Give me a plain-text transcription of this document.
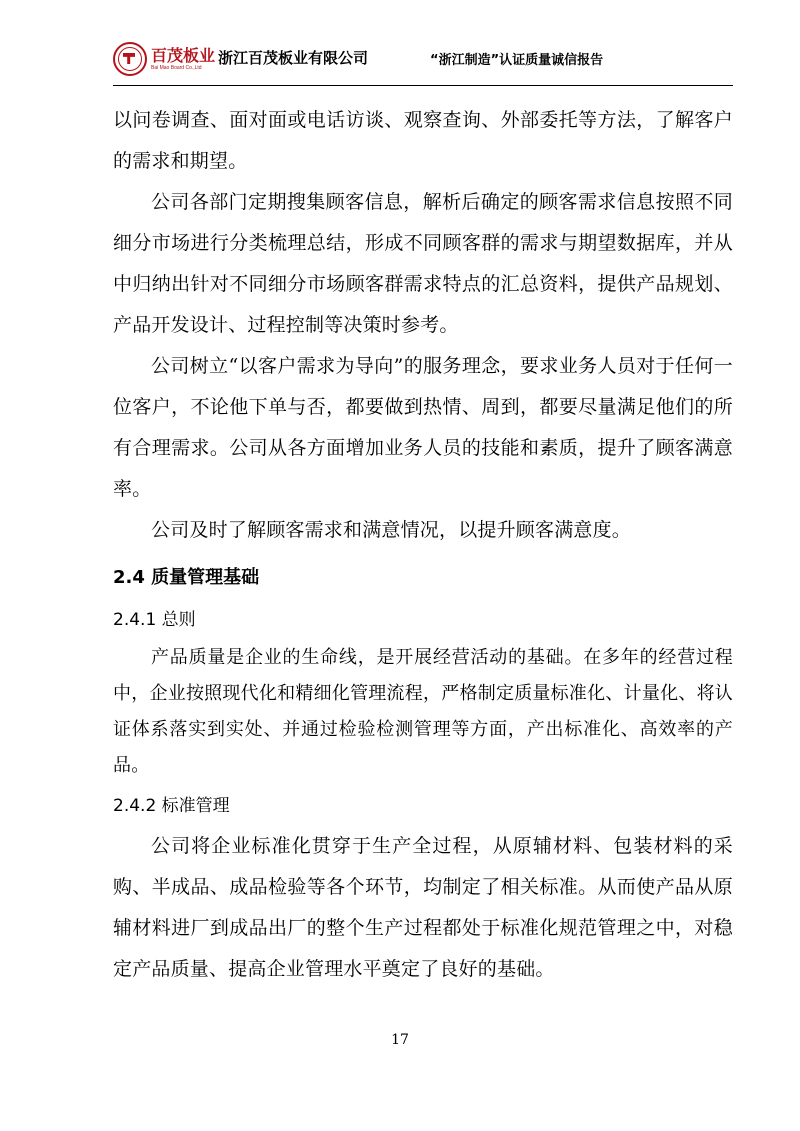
百茂板业
Bai Mao Board Co.,Ltd
浙江百茂板业有限公司	“浙江制造”认证质量诚信报告

以问卷调查、面对面或电话访谈、观察查询、外部委托等方法，了解客户的需求和期望。

公司各部门定期搜集顾客信息，解析后确定的顾客需求信息按照不同细分市场进行分类梳理总结，形成不同顾客群的需求与期望数据库，并从中归纳出针对不同细分市场顾客群需求特点的汇总资料，提供产品规划、产品开发设计、过程控制等决策时参考。

公司树立“以客户需求为导向”的服务理念，要求业务人员对于任何一位客户，不论他下单与否，都要做到热情、周到，都要尽量满足他们的所有合理需求。公司从各方面增加业务人员的技能和素质，提升了顾客满意率。

公司及时了解顾客需求和满意情况，以提升顾客满意度。

2.4 质量管理基础
2.4.1 总则

产品质量是企业的生命线，是开展经营活动的基础。在多年的经营过程中，企业按照现代化和精细化管理流程，严格制定质量标准化、计量化、将认证体系落实到实处、并通过检验检测管理等方面，产出标准化、高效率的产品。

2.4.2 标准管理

公司将企业标准化贯穿于生产全过程，从原辅材料、包装材料的采购、半成品、成品检验等各个环节，均制定了相关标准。从而使产品从原辅材料进厂到成品出厂的整个生产过程都处于标准化规范管理之中，对稳定产品质量、提高企业管理水平奠定了良好的基础。

17
